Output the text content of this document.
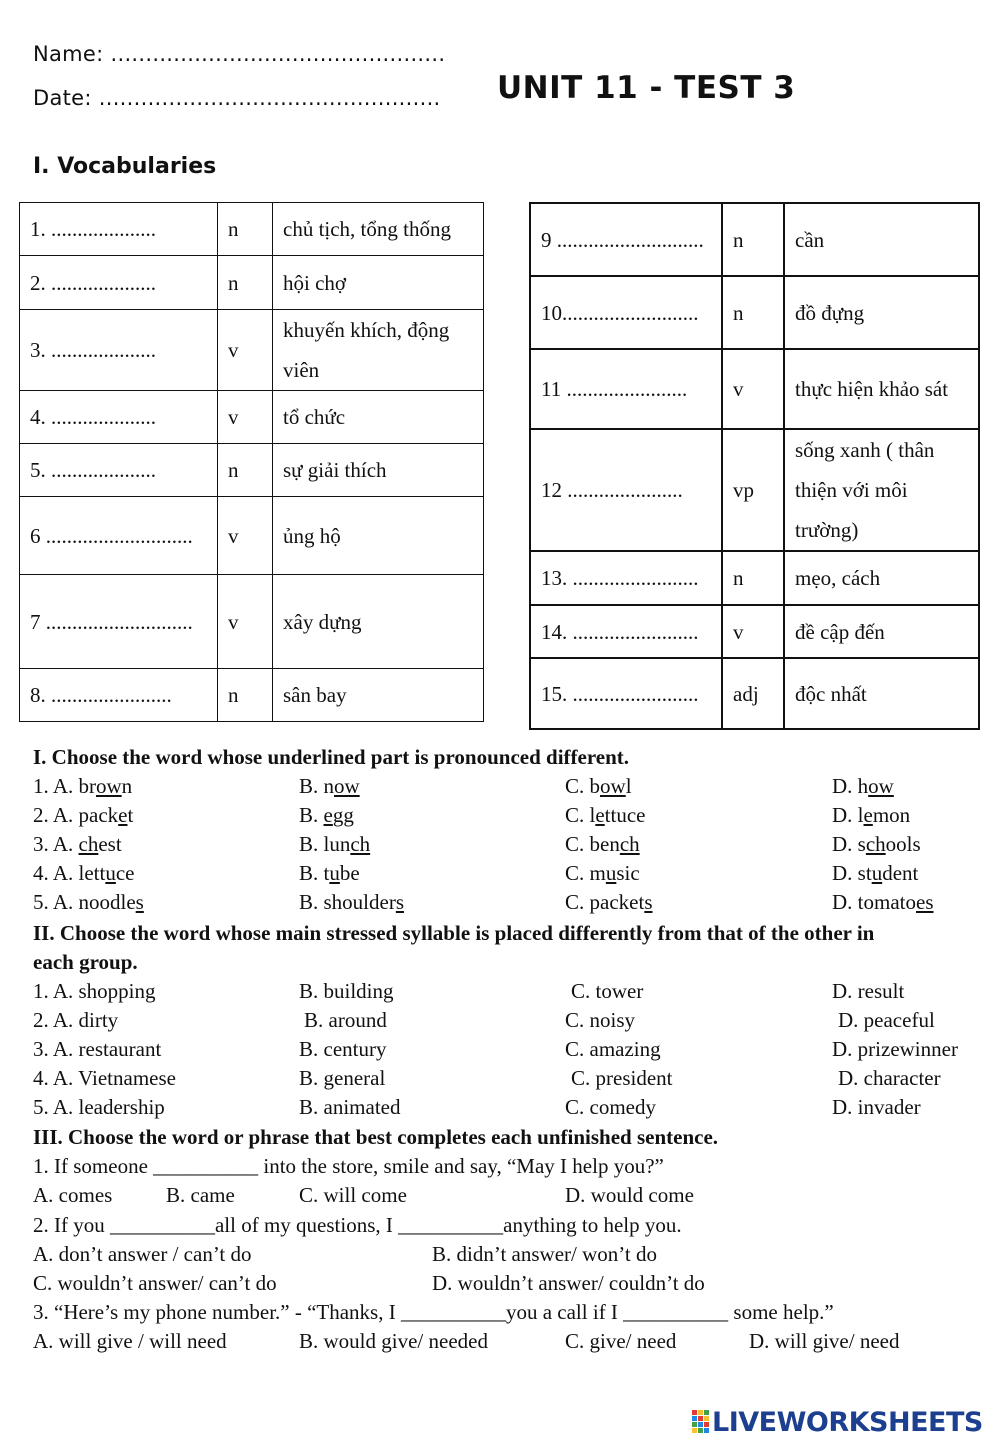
Name: ................................................
Date: ................................................. UNIT 11 - TEST 3
I. Vocabularies
1. ....................	n	chủ tịch, tổng thống
2. ....................	n	hội chợ
3. ....................	v	khuyến khích, động viên
4. ....................	v	tổ chức
5. ....................	n	sự giải thích
6 ............................	v	ủng hộ
7 ............................	v	xây dựng
8. .......................	n	sân bay
9 ............................	n	cần
10..........................	n	đồ đựng
11 .......................	v	thực hiện khảo sát
12 ......................	vp	sống xanh ( thân thiện với môi trường)
13. ........................	n	mẹo, cách
14. ........................	v	đề cập đến
15. ........................	adj	độc nhất
I. Choose the word whose underlined part is pronounced different.
1. A. brown	B. now	C. bowl	D. how
2. A. packet	B. egg	C. lettuce	D. lemon
3. A. chest	B. lunch	C. bench	D. schools
4. A. lettuce	B. tube	C. music	D. student
5. A. noodles	B. shoulders	C. packets	D. tomatoes
II. Choose the word whose main stressed syllable is placed differently from that of the other in
each group.
1. A. shopping	B. building	C. tower	D. result
2. A. dirty	B. around	C. noisy	D. peaceful
3. A. restaurant	B. century	C. amazing	D. prizewinner
4. A. Vietnamese	B. general	C. president	D. character
5. A. leadership	B. animated	C. comedy	D. invader
III. Choose the word or phrase that best completes each unfinished sentence.
1. If someone __________ into the store, smile and say, “May I help you?”
A. comes	B. came	C. will come	D. would come
2. If you __________all of my questions, I __________anything to help you.
A. don’t answer / can’t do	B. didn’t answer/ won’t do
C. wouldn’t answer/ can’t do	D. wouldn’t answer/ couldn’t do
3. “Here’s my phone number.” - “Thanks, I __________you a call if I __________ some help.”
A. will give / will need	B. would give/ needed	C. give/ need	D. will give/ need
LIVEWORKSHEETS
